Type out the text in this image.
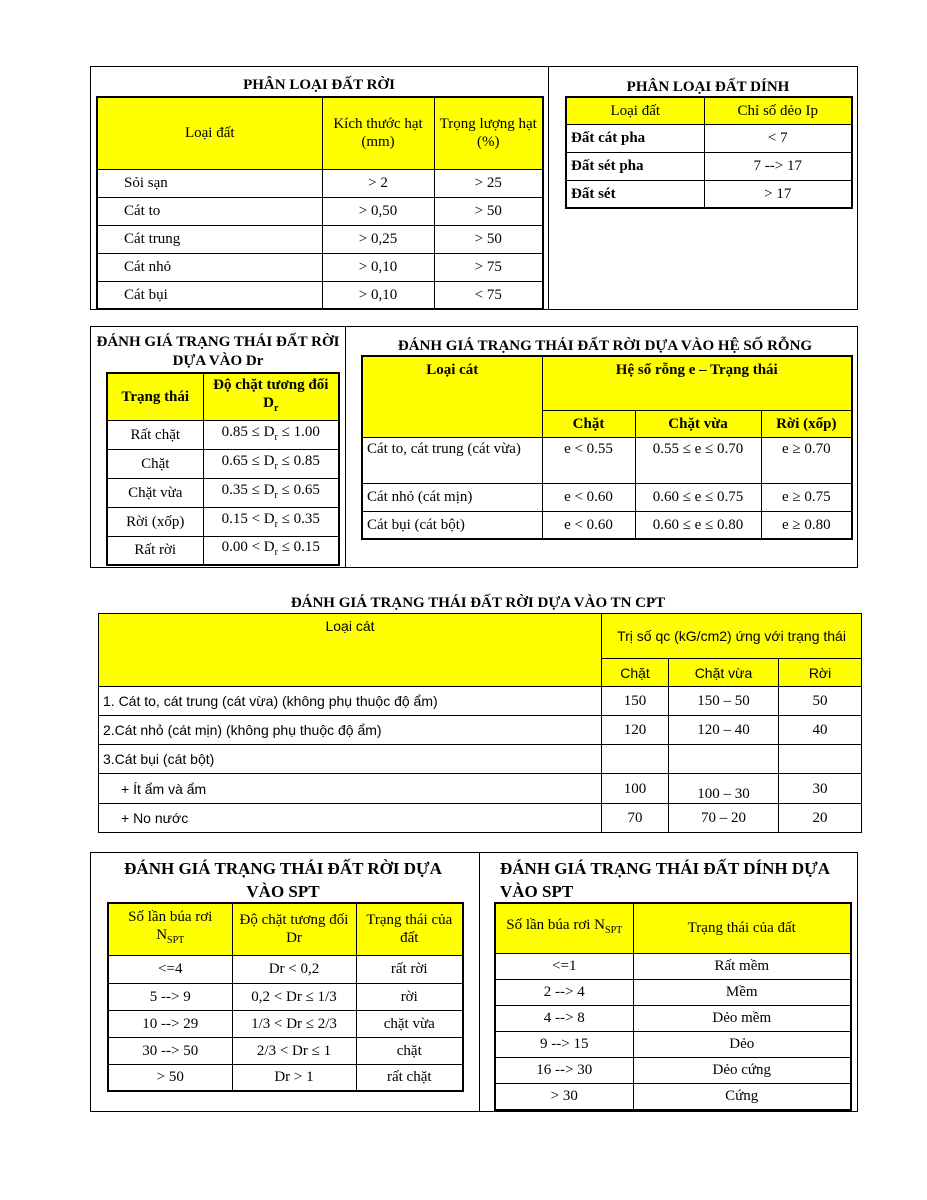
PHÂN LOẠI ĐẤT RỜI
Loại đất	Kích thước hạt (mm)	Trọng lượng hạt (%)
Sỏi sạn	> 2	> 25
Cát to	> 0,50	> 50
Cát trung	> 0,25	> 50
Cát nhỏ	> 0,10	> 75
Cát bụi	> 0,10	< 75
PHÂN LOẠI ĐẤT DÍNH
Loại đất	Chỉ số dẻo Ip
Đất cát pha	< 7
Đất sét pha	7 --> 17
Đất sét	> 17
ĐÁNH GIÁ TRẠNG THÁI ĐẤT RỜI DỰA VÀO Dr
Trạng thái	Độ chặt tương đối $D_r$
Rất chặt	$0.85 \le D_r \le 1.00$
Chặt	$0.65 \le D_r \le 0.85$
Chặt vừa	$0.35 \le D_r \le 0.65$
Rời (xốp)	$0.15 < D_r \le 0.35$
Rất rời	$0.00 < D_r \le 0.15$
ĐÁNH GIÁ TRẠNG THÁI ĐẤT RỜI DỰA VÀO HỆ SỐ RỖNG
Loại cát	Hệ số rỗng e – Trạng thái		
	Chặt	Chặt vừa	Rời (xốp)
Cát to, cát trung (cát vừa)	e < 0.55	0.55 ≤ e ≤ 0.70	e ≥ 0.70
Cát nhỏ (cát mịn)	e < 0.60	0.60 ≤ e ≤ 0.75	e ≥ 0.75
Cát bụi (cát bột)	e < 0.60	0.60 ≤ e ≤ 0.80	e ≥ 0.80
ĐÁNH GIÁ TRẠNG THÁI ĐẤT RỜI DỰA VÀO TN CPT
Loại cát	Trị số qc (kG/cm2) ứng với trạng thái		
	Chặt	Chặt vừa	Rời
1. Cát to, cát trung (cát vừa) (không phụ thuộc độ ẩm)	150	150 – 50	50
2.Cát nhỏ (cát mịn) (không phụ thuộc độ ẩm)	120	120 – 40	40
3.Cát bụi (cát bột)			
+ Ít ẩm và ẩm	100	100 – 30	30
+ No nước	70	70 – 20	20
ĐÁNH GIÁ TRẠNG THÁI ĐẤT RỜI DỰA VÀO SPT
Số lần búa rơi $N_{SPT}$	Độ chặt tương đối Dr	Trạng thái của đất
<=4	Dr < 0,2	rất rời
5 --> 9	0,2 < Dr ≤ 1/3	rời
10 --> 29	1/3 < Dr ≤ 2/3	chặt vừa
30 --> 50	2/3 < Dr ≤ 1	chặt
> 50	Dr > 1	rất chặt
ĐÁNH GIÁ TRẠNG THÁI ĐẤT DÍNH DỰA VÀO SPT
Số lần búa rơi $N_{SPT}$	Trạng thái của đất
<=1	Rất mềm
2 --> 4	Mềm
4 --> 8	Dẻo mềm
9 --> 15	Dẻo
16 --> 30	Dẻo cứng
> 30	Cứng
